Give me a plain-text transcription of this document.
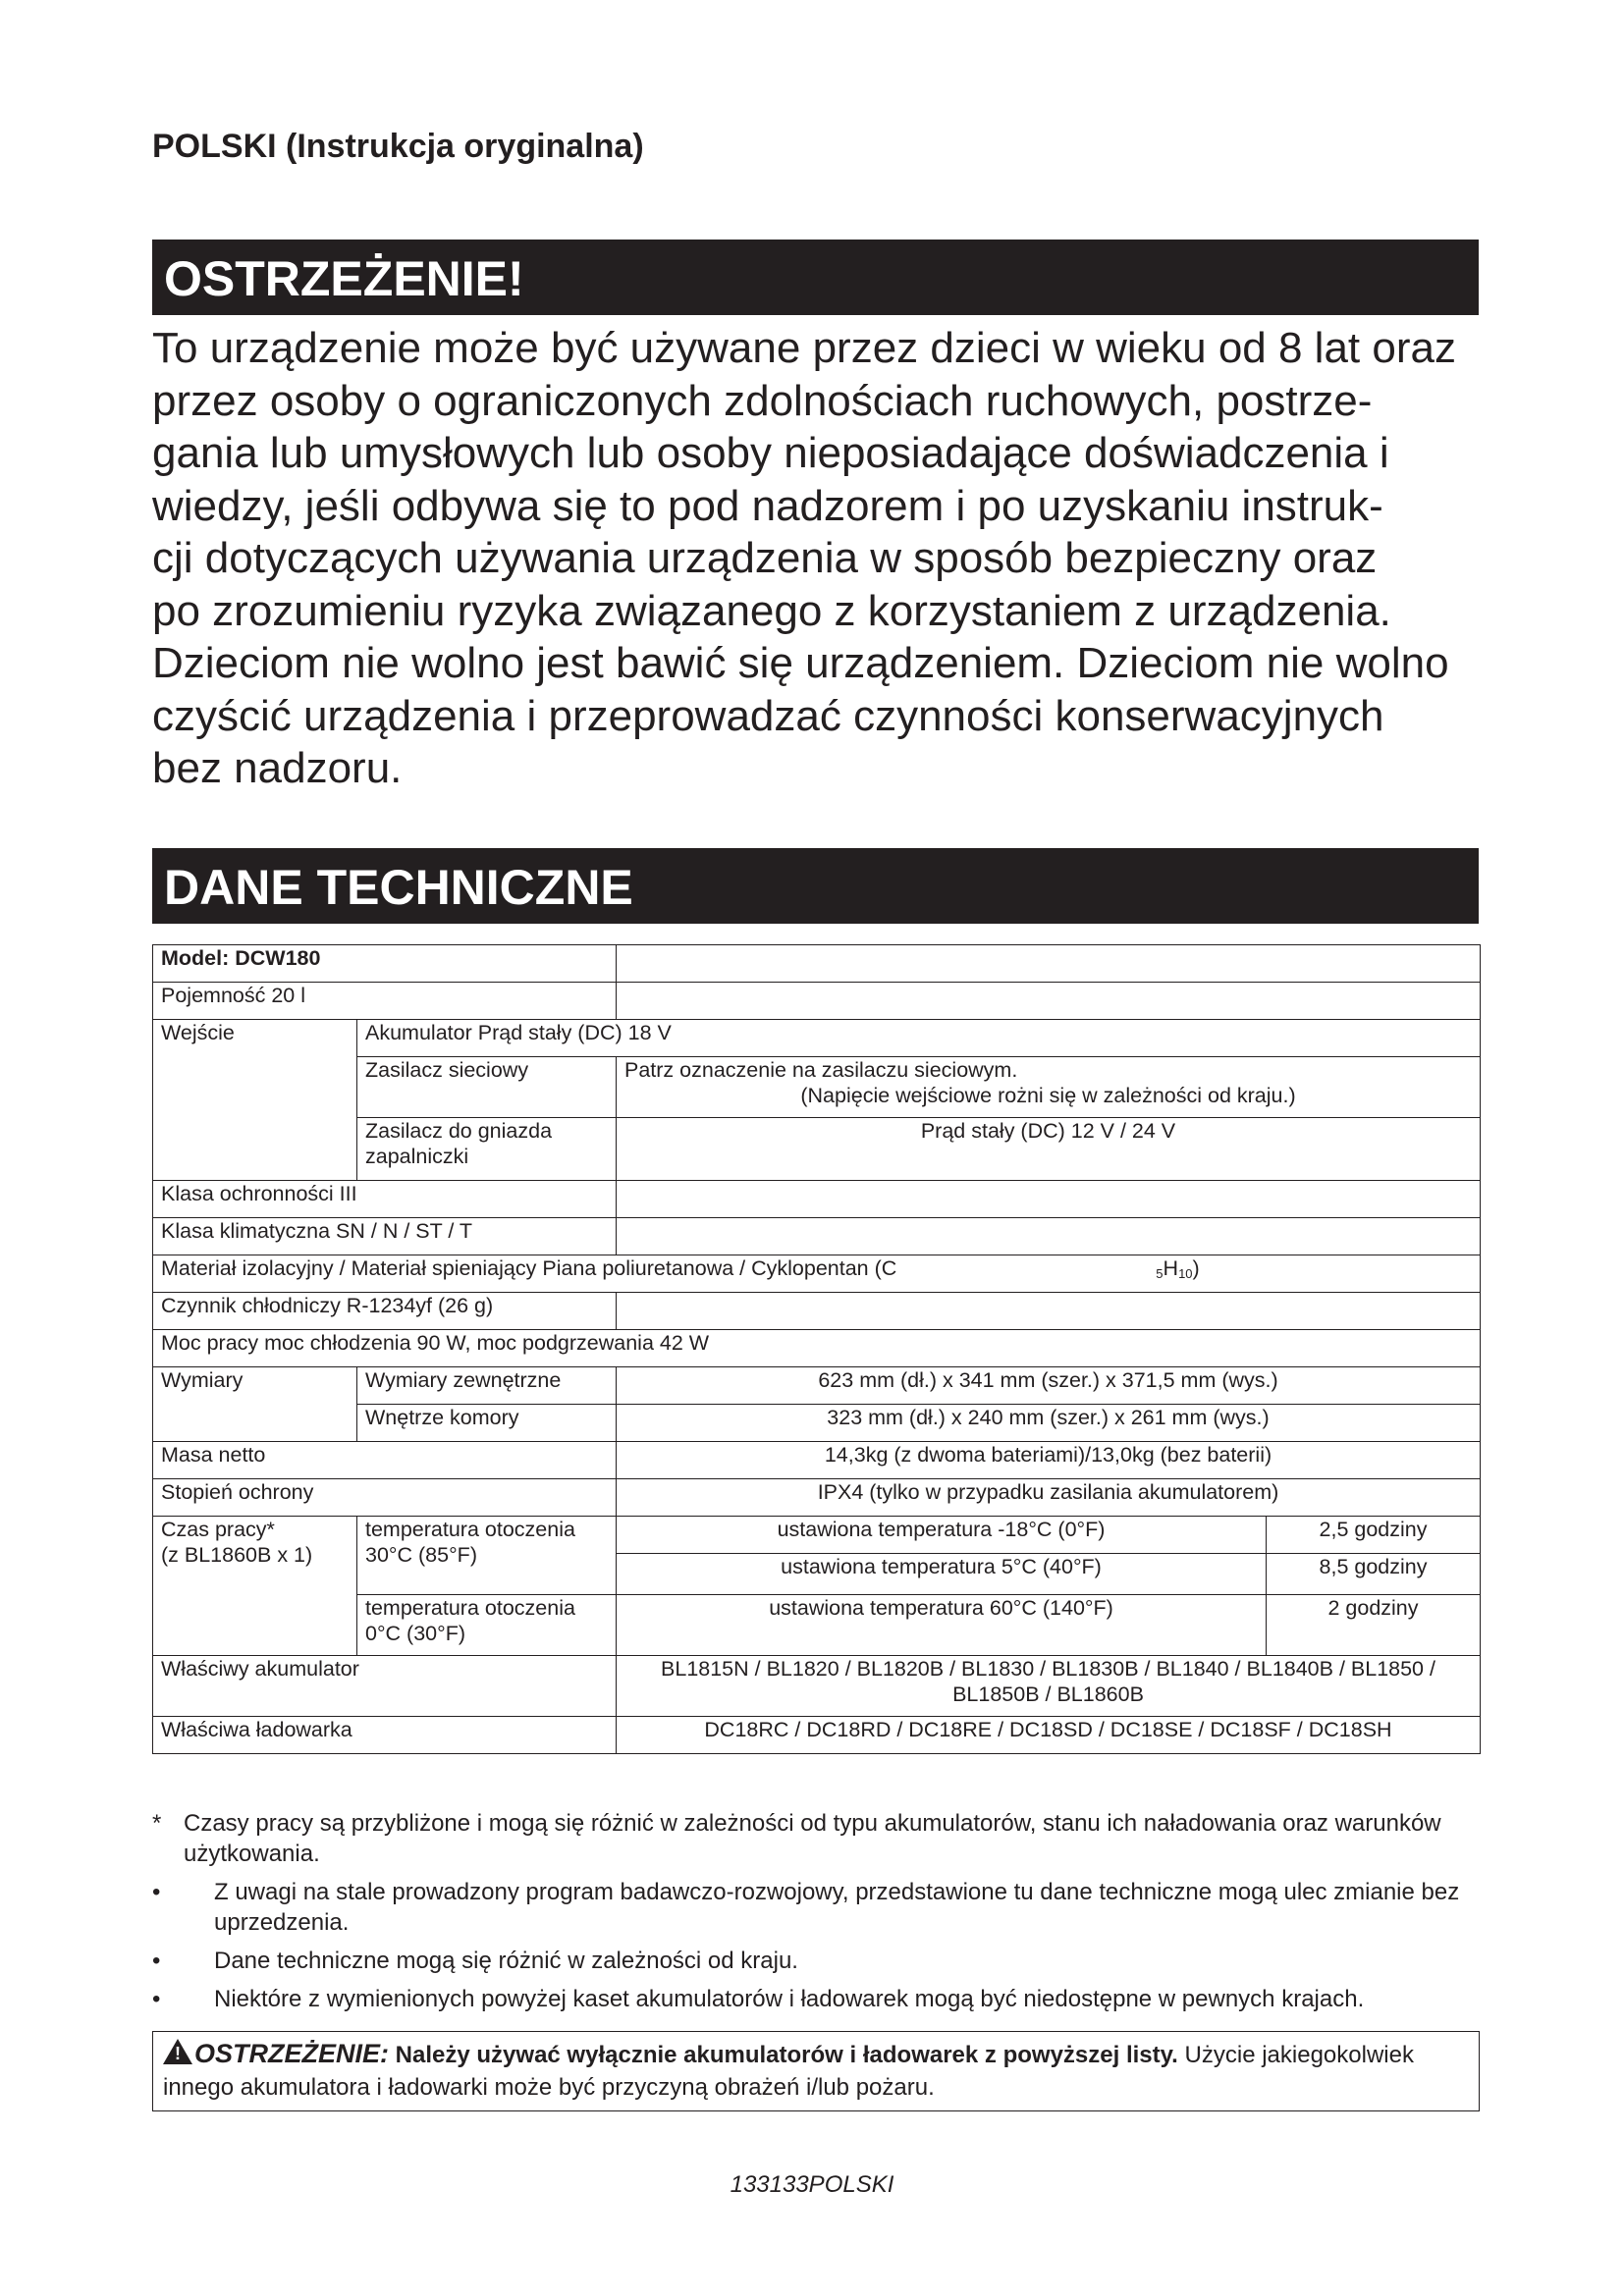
POLSKI (Instrukcja oryginalna)
OSTRZEŻENIE!
To urządzenie może być używane przez dzieci w wieku od 8 lat oraz
przez osoby o ograniczonych zdolnościach ruchowych, postrze-
gania lub umysłowych lub osoby nieposiadające doświadczenia i
wiedzy, jeśli odbywa się to pod nadzorem i po uzyskaniu instruk-
cji dotyczących używania urządzenia w sposób bezpieczny oraz
po zrozumieniu ryzyka związanego z korzystaniem z urządzenia.
Dzieciom nie wolno jest bawić się urządzeniem. Dzieciom nie wolno
czyścić urządzenia i przeprowadzać czynności konserwacyjnych
bez nadzoru.
DANE TECHNICZNE
Model: DCW180			
Pojemność 20 l			
Wejście	Akumulator Prąd stały (DC) 18 V		
	Zasilacz sieciowy	Patrz oznaczenie na zasilaczu sieciowym.
(Napięcie wejściowe rożni się w zależności od kraju.)	

	Zasilacz do gniazda zapalniczki	Prąd stały (DC) 12 V / 24 V	
Klasa ochronności III			
Klasa klimatyczna SN / N / ST / T			
Materiał izolacyjny / Materiał spieniający Piana poliuretanowa / Cyklopentan (C $_5H_{10}$)			
Czynnik chłodniczy R-1234yf (26 g)			
Moc pracy moc chłodzenia 90 W, moc podgrzewania 42 W			
Wymiary	Wymiary zewnętrzne	623 mm (dł.) x 341 mm (szer.) x 371,5 mm (wys.)	
	Wnętrze komory	323 mm (dł.) x 240 mm (szer.) x 261 mm (wys.)	
Masa netto		14,3kg (z dwoma bateriami)/13,0kg (bez baterii)	
Stopień ochrony		IPX4 (tylko w przypadku zasilania akumulatorem)	

Czas pracy*
(z BL1860B x 1)	temperatura otoczenia 30°C (85°F)	ustawiona temperatura -18°C (0°F)	2,5 godziny
		ustawiona temperatura 5°C (40°F)	8,5 godziny
	temperatura otoczenia 0°C (30°F)	ustawiona temperatura 60°C (140°F)	2 godziny
Właściwy akumulator		BL1815N / BL1820 / BL1820B / BL1830 / BL1830B / BL1840 / BL1840B / BL1850 /
BL1850B / BL1860B	

Właściwa ładowarka		DC18RC / DC18RD / DC18RE / DC18SD / DC18SE / DC18SF / DC18SH	
* Czasy pracy są przybliżone i mogą się różnić w zależności od typu akumulatorów, stanu ich naładowania oraz warunków użytkowania.
• Z uwagi na stale prowadzony program badawczo-rozwojowy, przedstawione tu dane techniczne mogą ulec zmianie bez uprzedzenia.
• Dane techniczne mogą się różnić w zależności od kraju.
• Niektóre z wymienionych powyżej kaset akumulatorów i ładowarek mogą być niedostępne w pewnych krajach.
! OSTRZEŻENIE: Należy używać wyłącznie akumulatorów i ładowarek z powyższej listy. Użycie jakiegokolwiek innego akumulatora i ładowarki może być przyczyną obrażeń i/lub pożaru.
133133POLSKI
